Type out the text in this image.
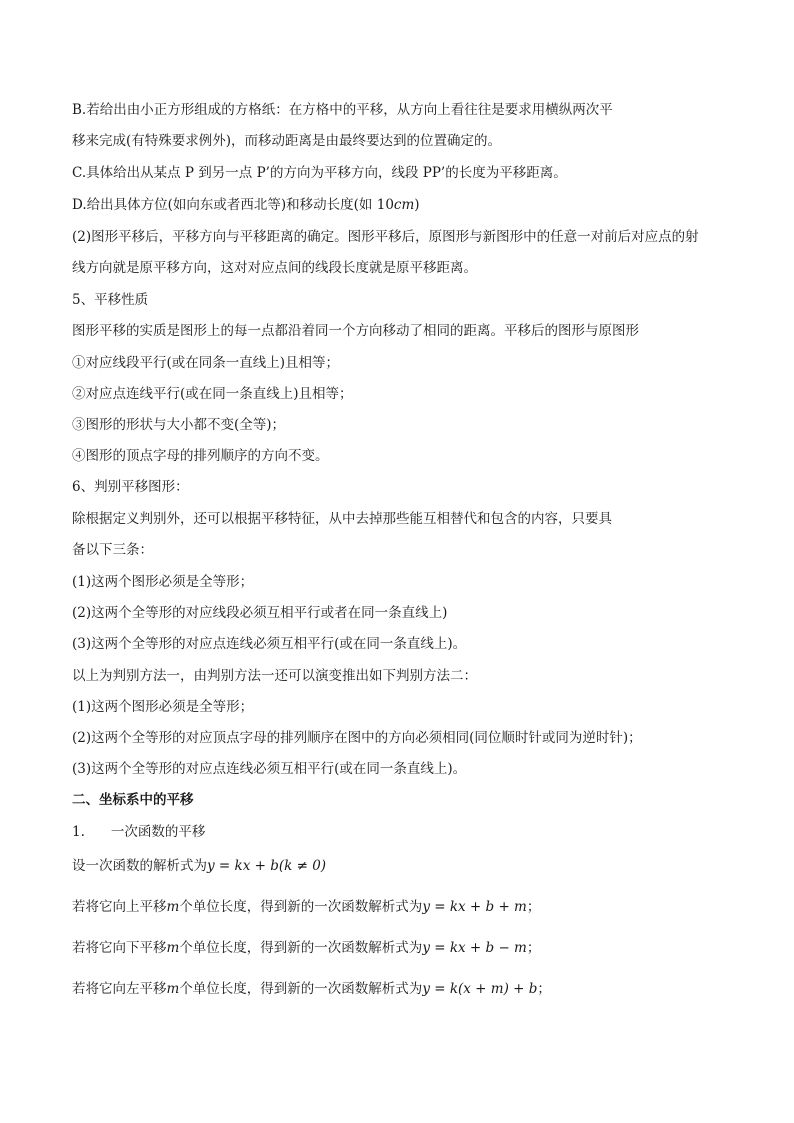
B.若给出由小正方形组成的方格纸：在方格中的平移，从方向上看往往是要求用横纵两次平

移来完成(有特殊要求例外)，而移动距离是由最终要达到的位置确定的。

C.具体给出从某点 P 到另一点 P’的方向为平移方向，线段 PP’的长度为平移距离。

D.给出具体方位(如向东或者西北等)和移动长度(如 10cm)

(2)图形平移后，平移方向与平移距离的确定。图形平移后，原图形与新图形中的任意一对前后对应点的射

线方向就是原平移方向，这对对应点间的线段长度就是原平移距离。

5、平移性质

图形平移的实质是图形上的每一点都沿着同一个方向移动了相同的距离。平移后的图形与原图形

①对应线段平行(或在同条一直线上)且相等；

②对应点连线平行(或在同一条直线上)且相等；

③图形的形状与大小都不变(全等)；

④图形的顶点字母的排列顺序的方向不变。

6、判别平移图形：

除根据定义判别外，还可以根据平移特征，从中去掉那些能互相替代和包含的内容，只要具

备以下三条：

(1)这两个图形必须是全等形；

(2)这两个全等形的对应线段必须互相平行或者在同一条直线上)

(3)这两个全等形的对应点连线必须互相平行(或在同一条直线上)。

以上为判别方法一，由判别方法一还可以演变推出如下判别方法二：

(1)这两个图形必须是全等形；

(2)这两个全等形的对应顶点字母的排列顺序在图中的方向必须相同(同位顺时针或同为逆时针)；

(3)这两个全等形的对应点连线必须互相平行(或在同一条直线上)。

二、坐标系中的平移

1. 一次函数的平移

设一次函数的解析式为y = kx + b(k ≠ 0)

若将它向上平移m个单位长度，得到新的一次函数解析式为y = kx + b + m；

若将它向下平移m个单位长度，得到新的一次函数解析式为y = kx + b − m；

若将它向左平移m个单位长度，得到新的一次函数解析式为y = k(x + m) + b；
